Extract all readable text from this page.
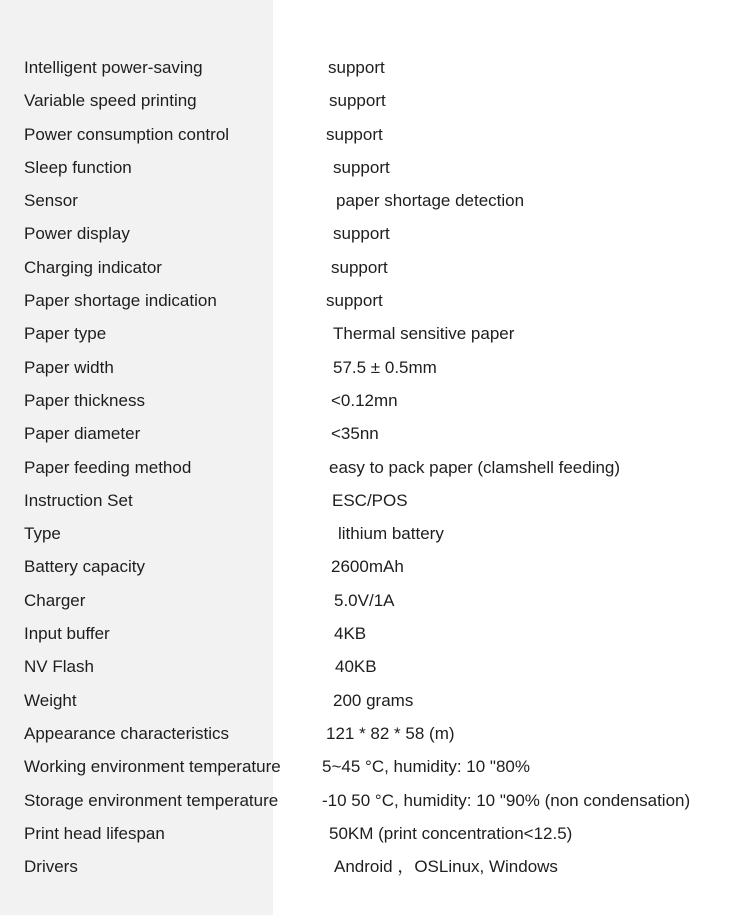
Intelligent power-saving	support
Variable speed printing	support
Power consumption control	support
Sleep function	support
Sensor	paper shortage detection
Power display	support
Charging indicator	support
Paper shortage indication	support
Paper type	Thermal sensitive paper
Paper width	57.5 ± 0.5mm
Paper thickness	<0.12mn
Paper diameter	<35nn
Paper feeding method	easy to pack paper (clamshell feeding)
Instruction Set	ESC/POS
Type	lithium battery
Battery capacity	2600mAh
Charger	5.0V/1A
Input buffer	4KB
NV Flash	40KB
Weight	200 grams
Appearance characteristics	121 * 82 * 58 (m)
Working environment temperature 5~45 °C, humidity: 10 "80%
Storage environment temperature	-10 50 °C, humidity: 10 "90% (non condensation)
Print head lifespan	50KM (print concentration<12.5)
Drivers	Android ，OSLinux, Windows
